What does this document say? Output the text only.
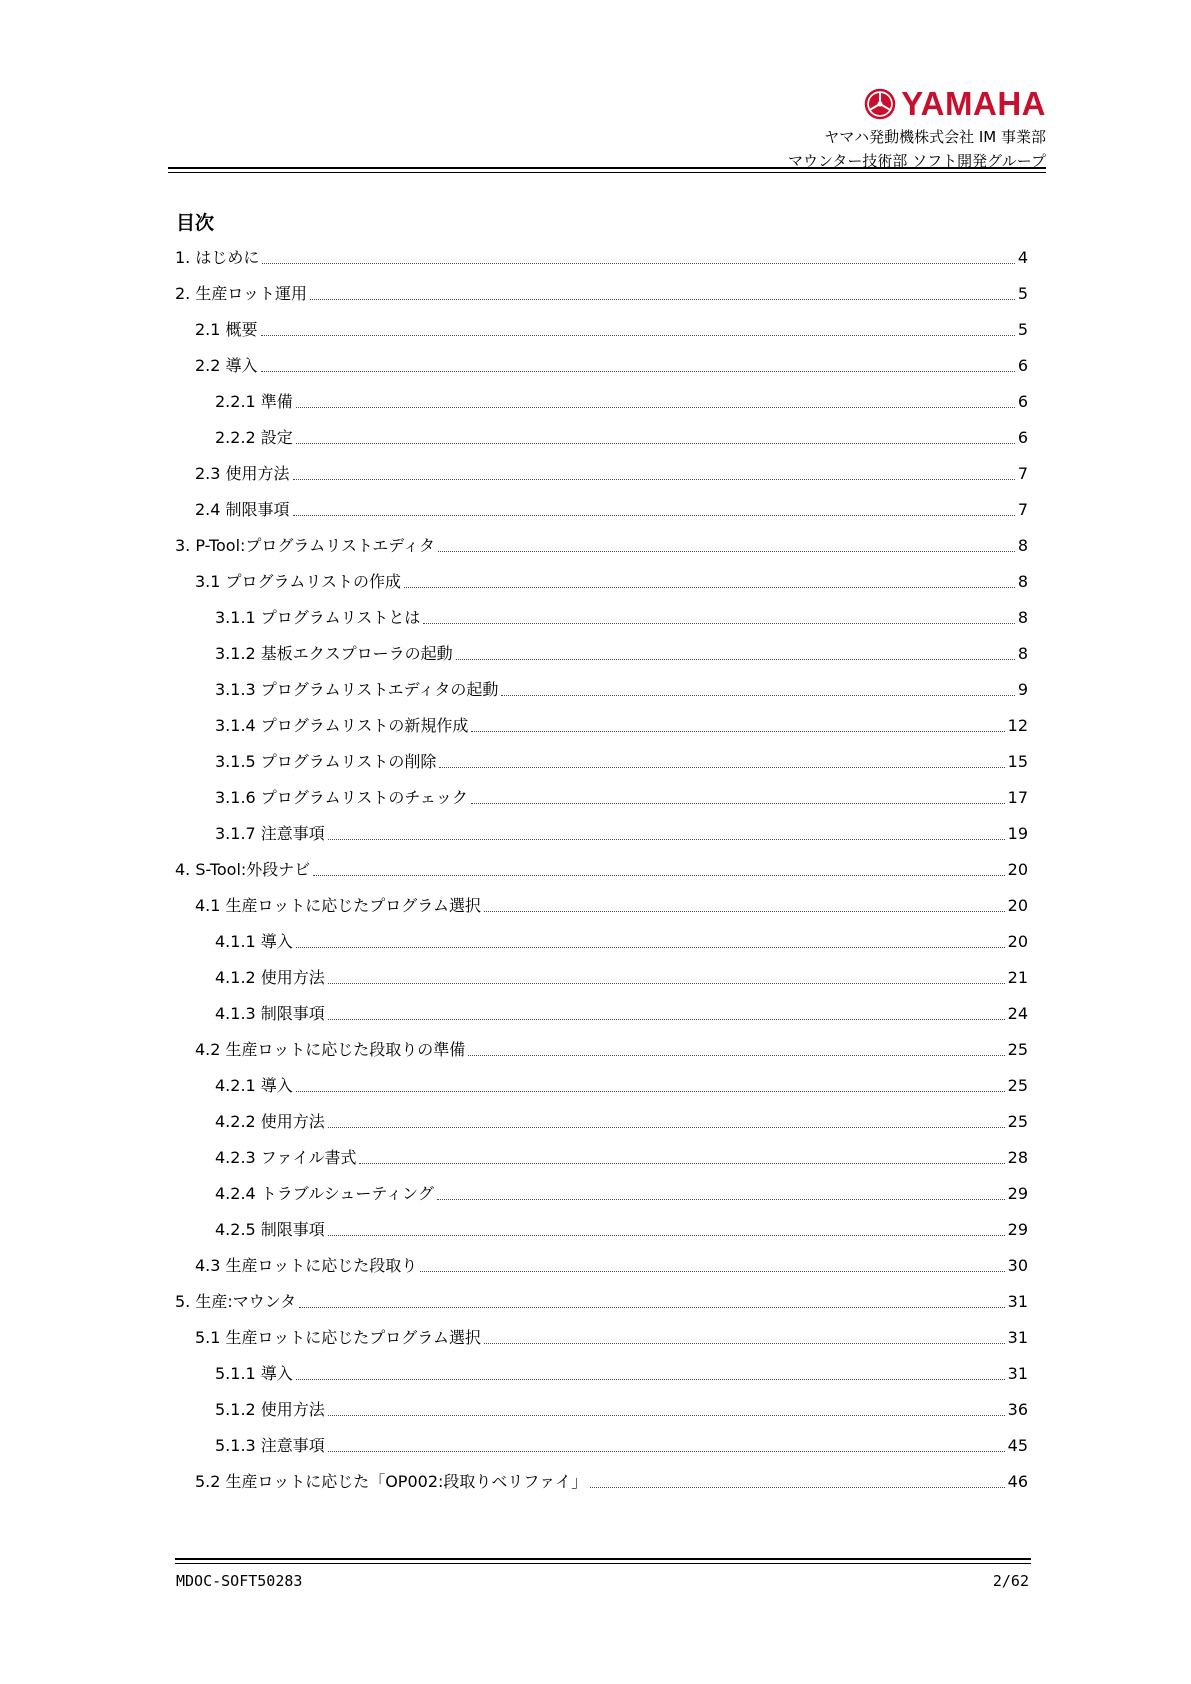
YAMAHA
ヤマハ発動機株式会社 IM 事業部
マウンター技術部 ソフト開発グループ
目次
1. はじめに	4
2. 生産ロット運用	5
2.1 概要	5
2.2 導入	6
2.2.1 準備	6
2.2.2 設定	6
2.3 使用方法	7
2.4 制限事項	7
3. P-Tool:プログラムリストエディタ	8
3.1 プログラムリストの作成	8
3.1.1 プログラムリストとは	8
3.1.2 基板エクスプローラの起動	8
3.1.3 プログラムリストエディタの起動	9
3.1.4 プログラムリストの新規作成	12
3.1.5 プログラムリストの削除	15
3.1.6 プログラムリストのチェック	17
3.1.7 注意事項	19
4. S-Tool:外段ナビ	20
4.1 生産ロットに応じたプログラム選択	20
4.1.1 導入	20
4.1.2 使用方法	21
4.1.3 制限事項	24
4.2 生産ロットに応じた段取りの準備	25
4.2.1 導入	25
4.2.2 使用方法	25
4.2.3 ファイル書式	28
4.2.4 トラブルシューティング	29
4.2.5 制限事項	29
4.3 生産ロットに応じた段取り	30
5. 生産:マウンタ	31
5.1 生産ロットに応じたプログラム選択	31
5.1.1 導入	31
5.1.2 使用方法	36
5.1.3 注意事項	45
5.2 生産ロットに応じた「OP002:段取りベリファイ」	46
MDOC-SOFT50283	2/62
